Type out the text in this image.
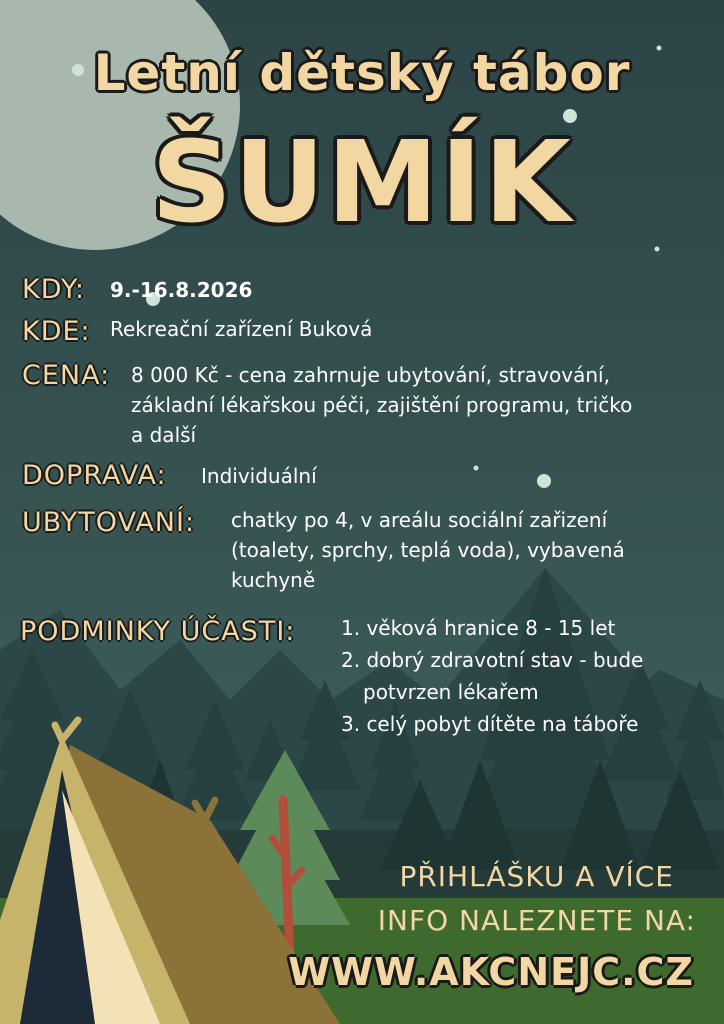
Letní dětský tábor
ŠUMÍK
KDY: 9.-16.8.2026
KDE: Rekreační zařízení Buková
CENA: 8 000 Kč - cena zahrnuje ubytování, stravování,
základní lékařskou péči, zajištění programu, tričko
a další
DOPRAVA: Individuální
UBYTOVANÍ: chatky po 4, v areálu sociální zařizení
(toalety, sprchy, teplá voda), vybavená
kuchyně
PODMINKY ÚČASTI: 1. věková hranice 8 - 15 let
2. dobrý zdravotní stav - bude potvrzen lékařem
3. celý pobyt dítěte na táboře
PŘIHLÁŠKU A VÍCE
INFO NALEZNETE NA:
WWW.AKCNEJC.CZ
